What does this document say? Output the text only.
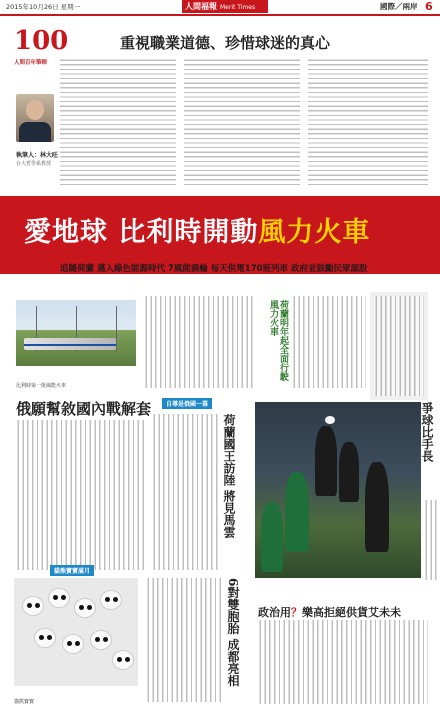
2015年10月26日 星期一	人間福報 Merit Times	國際／兩岸 6
100
人間百年筆陣
重視職業道德、珍惜球迷的真心
執筆人：林大旺
台大哲學系教授
愛地球 比利時開動風力火車
追隨荷蘭 邁入綠色能源時代 7風能渦輪 每天供電170班列車 政府並鼓勵民眾認股
比利時第一批風能火車
荷蘭明年起全面行駛風力火車
俄願幫敘國內戰解套	自導是俄國一幕
貓熊寶寶滿月
荷蘭國王訪陸 將見馬雲	爭球比手長
6對雙胞胎 成都亮相
貓熊寶寶
政治用？樂高拒絕供貨艾未未
